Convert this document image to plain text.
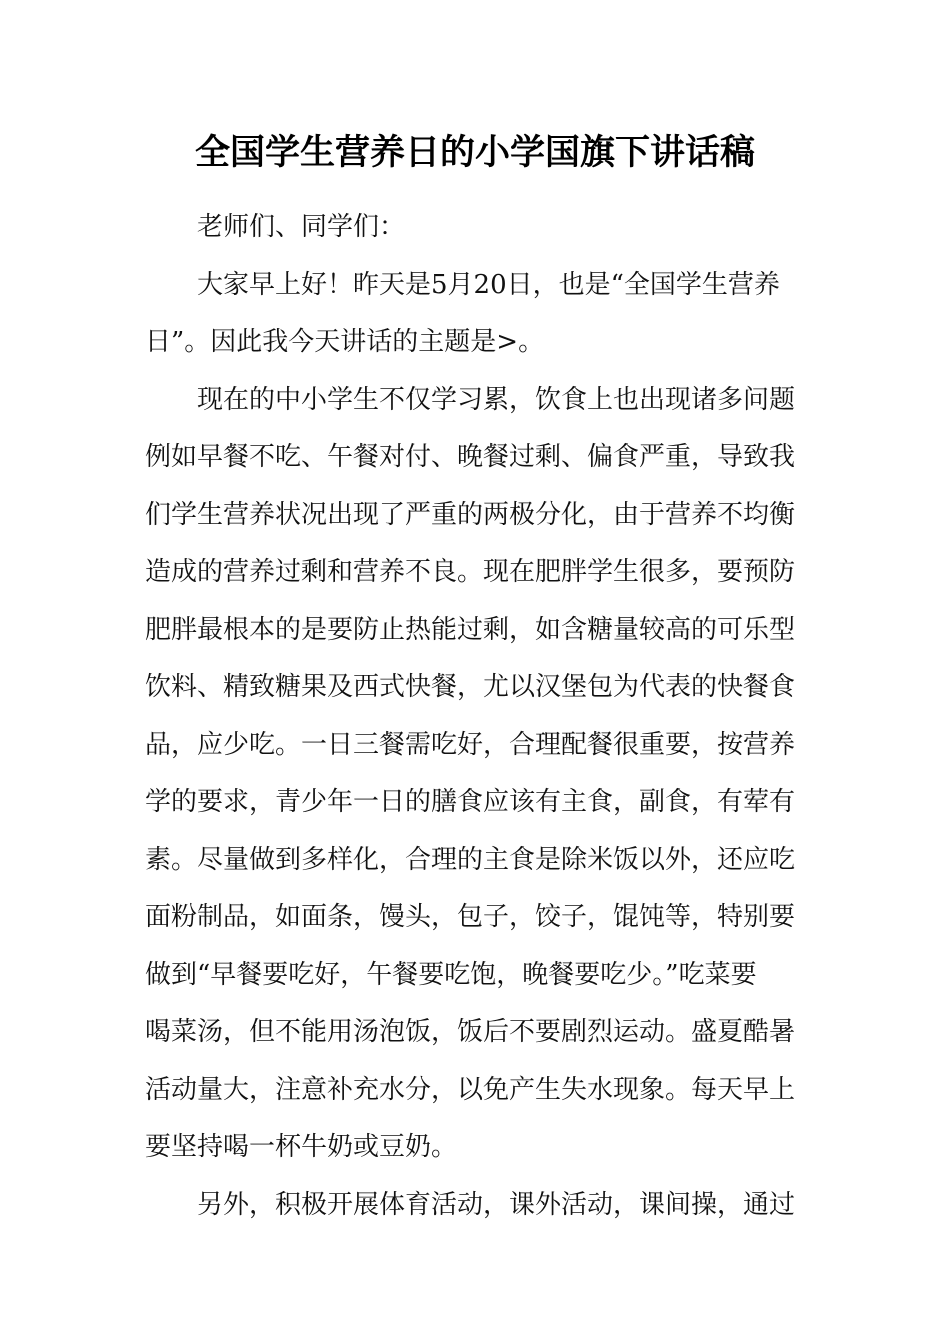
全国学生营养日的小学国旗下讲话稿

老师们、同学们：

大家早上好！昨天是5月20日，也是“全国学生营养
日”。因此我今天讲话的主题是>。

现在的中小学生不仅学习累，饮食上也出现诸多问题
例如早餐不吃、午餐对付、晚餐过剩、偏食严重，导致我
们学生营养状况出现了严重的两极分化，由于营养不均衡
造成的营养过剩和营养不良。现在肥胖学生很多，要预防
肥胖最根本的是要防止热能过剩，如含糖量较高的可乐型
饮料、精致糖果及西式快餐，尤以汉堡包为代表的快餐食
品，应少吃。一日三餐需吃好，合理配餐很重要，按营养
学的要求，青少年一日的膳食应该有主食，副食，有荤有
素。尽量做到多样化，合理的主食是除米饭以外，还应吃
面粉制品，如面条，馒头，包子，饺子，馄饨等，特别要
做到“早餐要吃好，午餐要吃饱，晚餐要吃少。”吃菜要
喝菜汤，但不能用汤泡饭，饭后不要剧烈运动。盛夏酷暑
活动量大，注意补充水分，以免产生失水现象。每天早上
要坚持喝一杯牛奶或豆奶。

另外，积极开展体育活动，课外活动，课间操，通过
